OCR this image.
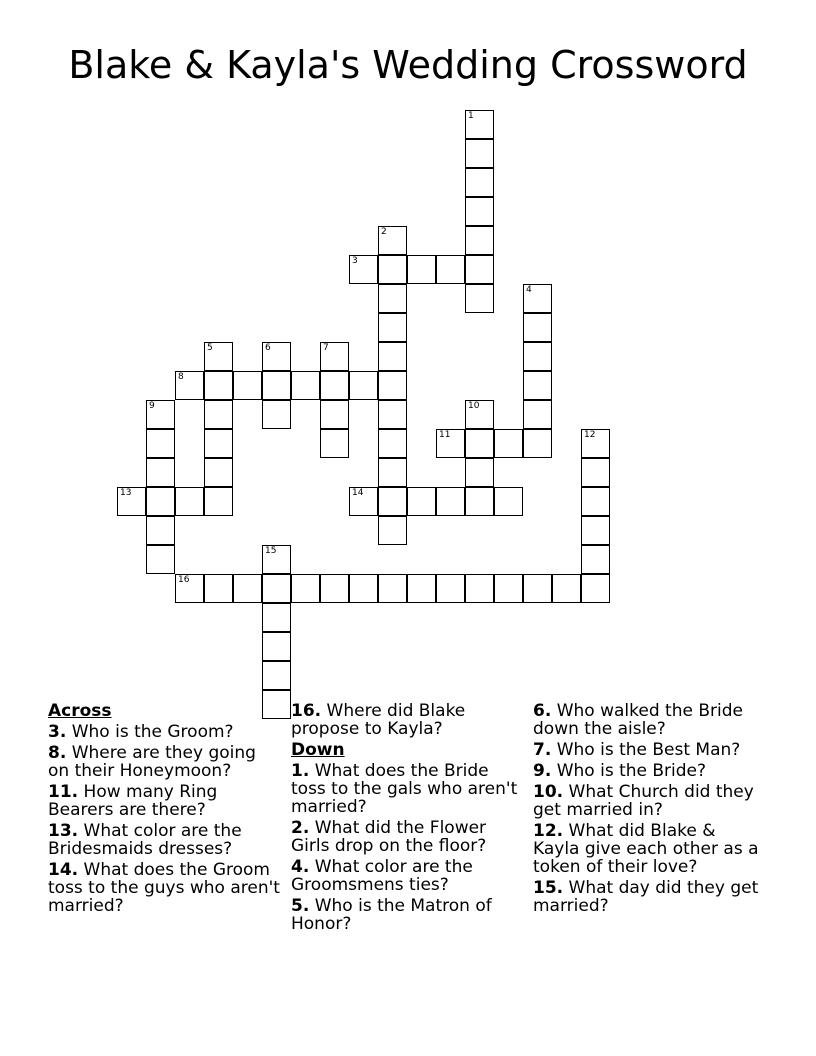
Blake & Kayla's Wedding Crossword
1
2
3
4
5	6	7
8
9	10
11	12
13	14
15
16
Across
3. Who is the Groom?
8. Where are they going on their Honeymoon?
11. How many Ring Bearers are there?
13. What color are the Bridesmaids dresses?
14. What does the Groom toss to the guys who aren't married?
16. Where did Blake propose to Kayla?
Down
1. What does the Bride toss to the gals who aren't married?
2. What did the Flower Girls drop on the floor?
4. What color are the Groomsmens ties?
5. Who is the Matron of Honor?
6. Who walked the Bride down the aisle?
7. Who is the Best Man?
9. Who is the Bride?
10. What Church did they get married in?
12. What did Blake & Kayla give each other as a token of their love?
15. What day did they get married?
